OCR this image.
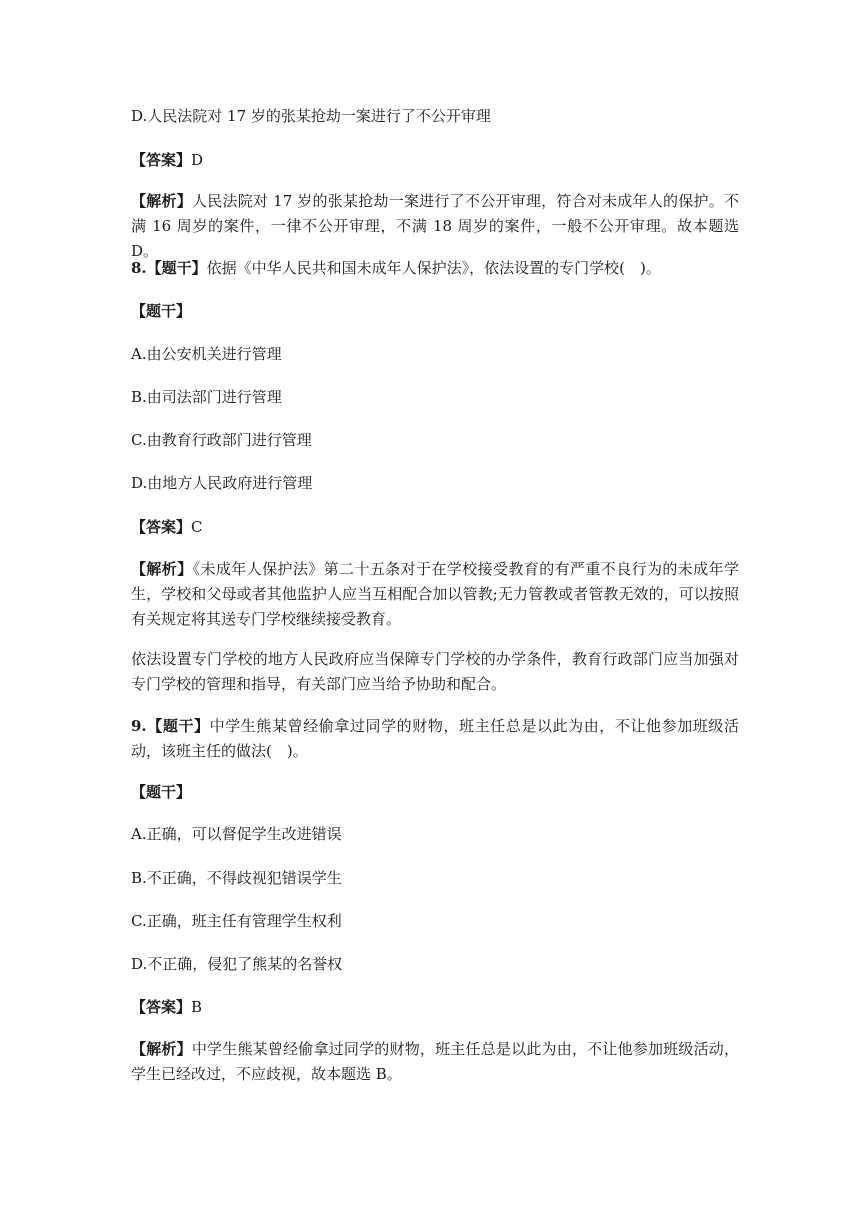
D.人民法院对 17 岁的张某抢劫一案进行了不公开审理
【答案】D
【解析】人民法院对 17 岁的张某抢劫一案进行了不公开审理，符合对未成年人的保护。不满 16 周岁的案件，一律不公开审理，不满 18 周岁的案件，一般不公开审理。故本题选 D。
8.【题干】依据《中华人民共和国未成年人保护法》，依法设置的专门学校(　)。
【题干】
A.由公安机关进行管理
B.由司法部门进行管理
C.由教育行政部门进行管理
D.由地方人民政府进行管理
【答案】C
【解析】《未成年人保护法》第二十五条对于在学校接受教育的有严重不良行为的未成年学生，学校和父母或者其他监护人应当互相配合加以管教;无力管教或者管教无效的，可以按照有关规定将其送专门学校继续接受教育。
依法设置专门学校的地方人民政府应当保障专门学校的办学条件，教育行政部门应当加强对专门学校的管理和指导，有关部门应当给予协助和配合。
9.【题干】中学生熊某曾经偷拿过同学的财物，班主任总是以此为由，不让他参加班级活动，该班主任的做法(　)。
【题干】
A.正确，可以督促学生改进错误
B.不正确，不得歧视犯错误学生
C.正确，班主任有管理学生权利
D.不正确，侵犯了熊某的名誉权
【答案】B
【解析】中学生熊某曾经偷拿过同学的财物，班主任总是以此为由，不让他参加班级活动，学生已经改过，不应歧视，故本题选 B。
